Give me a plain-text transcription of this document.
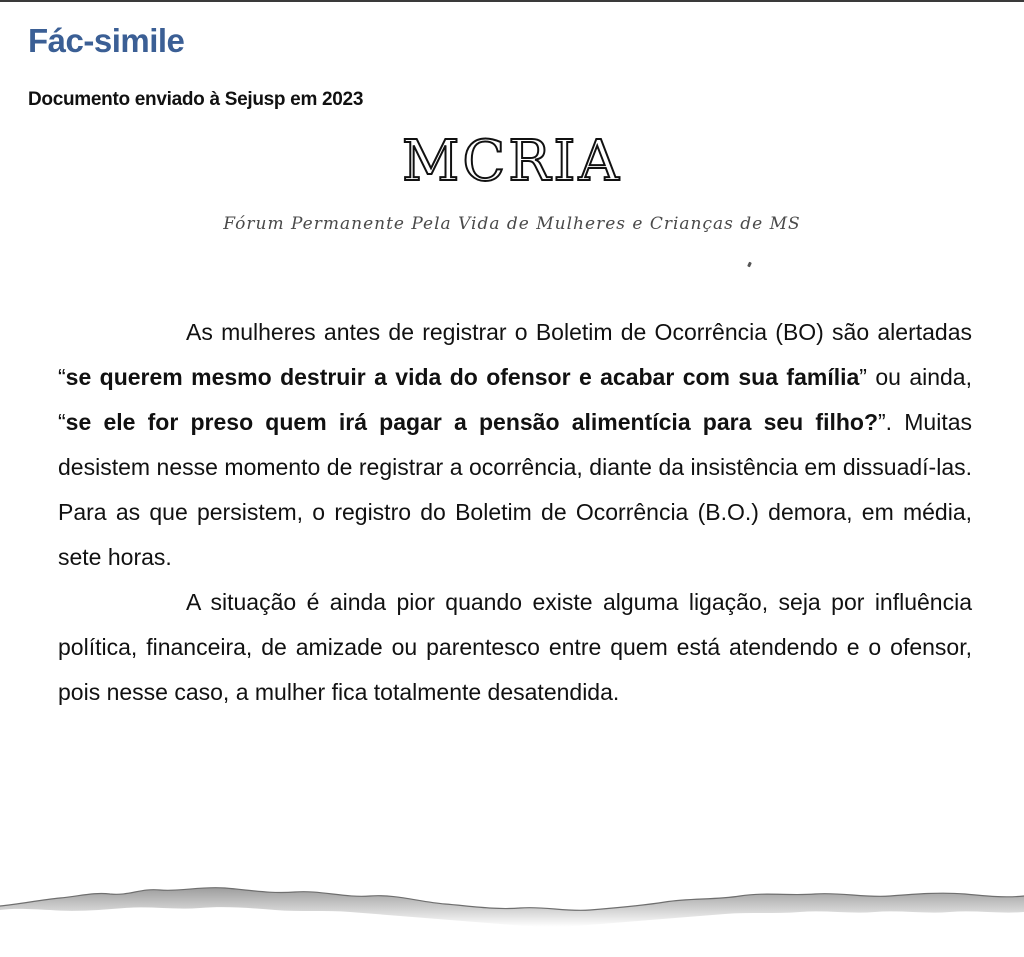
Fác-simile
Documento enviado à Sejusp em 2023
MCRIA
Fórum Permanente Pela Vida de Mulheres e Crianças de MS

As mulheres antes de registrar o Boletim de Ocorrência (BO) são alertadas “se querem mesmo destruir a vida do ofensor e acabar com sua família” ou ainda, “se ele for preso quem irá pagar a pensão alimentícia para seu filho?”. Muitas desistem nesse momento de registrar a ocorrência, diante da insistência em dissuadí-las. Para as que persistem, o registro do Boletim de Ocorrência (B.O.) demora, em média, sete horas.

A situação é ainda pior quando existe alguma ligação, seja por influência política, financeira, de amizade ou parentesco entre quem está atendendo e o ofensor, pois nesse caso, a mulher fica totalmente desatendida.
